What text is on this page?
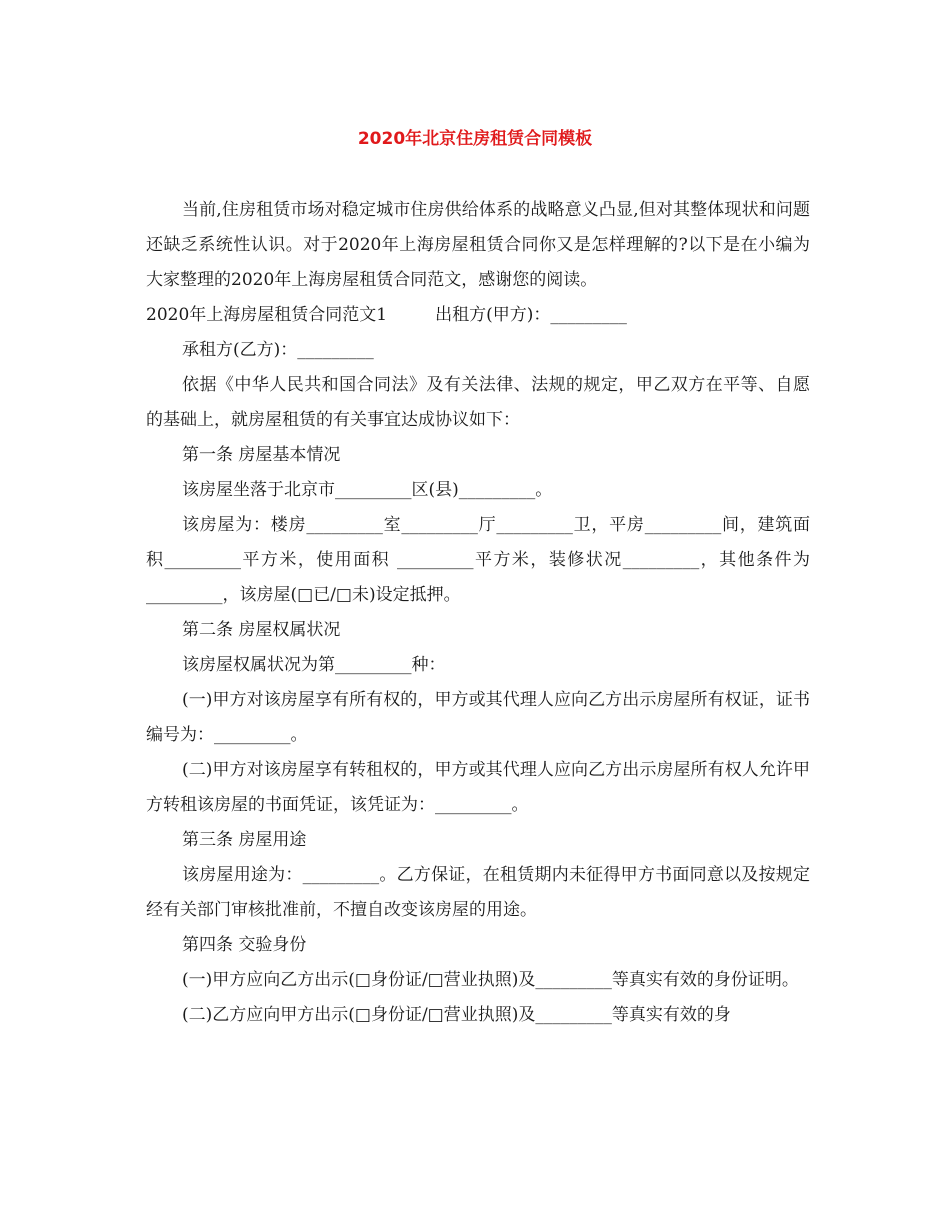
2020年北京住房租赁合同模板

当前,住房租赁市场对稳定城市住房供给体系的战略意义凸显,但对其整体现状和问题还缺乏系统性认识。对于2020年上海房屋租赁合同你又是怎样理解的?以下是在小编为大家整理的2020年上海房屋租赁合同范文，感谢您的阅读。

2020年上海房屋租赁合同范文1	出租方(甲方)：_________

承租方(乙方)：_________

依据《中华人民共和国合同法》及有关法律、法规的规定，甲乙双方在平等、自愿的基础上，就房屋租赁的有关事宜达成协议如下：

第一条 房屋基本情况

该房屋坐落于北京市_________区(县)_________。

该房屋为：楼房_________室_________厅_________卫，平房_________间，建筑面积_________平方米，使用面积 _________平方米，装修状况_________，其他条件为_________，该房屋(□已/□未)设定抵押。

第二条 房屋权属状况

该房屋权属状况为第_________种：

(一)甲方对该房屋享有所有权的，甲方或其代理人应向乙方出示房屋所有权证，证书编号为：_________。

(二)甲方对该房屋享有转租权的，甲方或其代理人应向乙方出示房屋所有权人允许甲方转租该房屋的书面凭证，该凭证为：_________。

第三条 房屋用途

该房屋用途为：_________。乙方保证，在租赁期内未征得甲方书面同意以及按规定经有关部门审核批准前，不擅自改变该房屋的用途。

第四条 交验身份

(一)甲方应向乙方出示(□身份证/□营业执照)及_________等真实有效的身份证明。

(二)乙方应向甲方出示(□身份证/□营业执照)及_________等真实有效的身
